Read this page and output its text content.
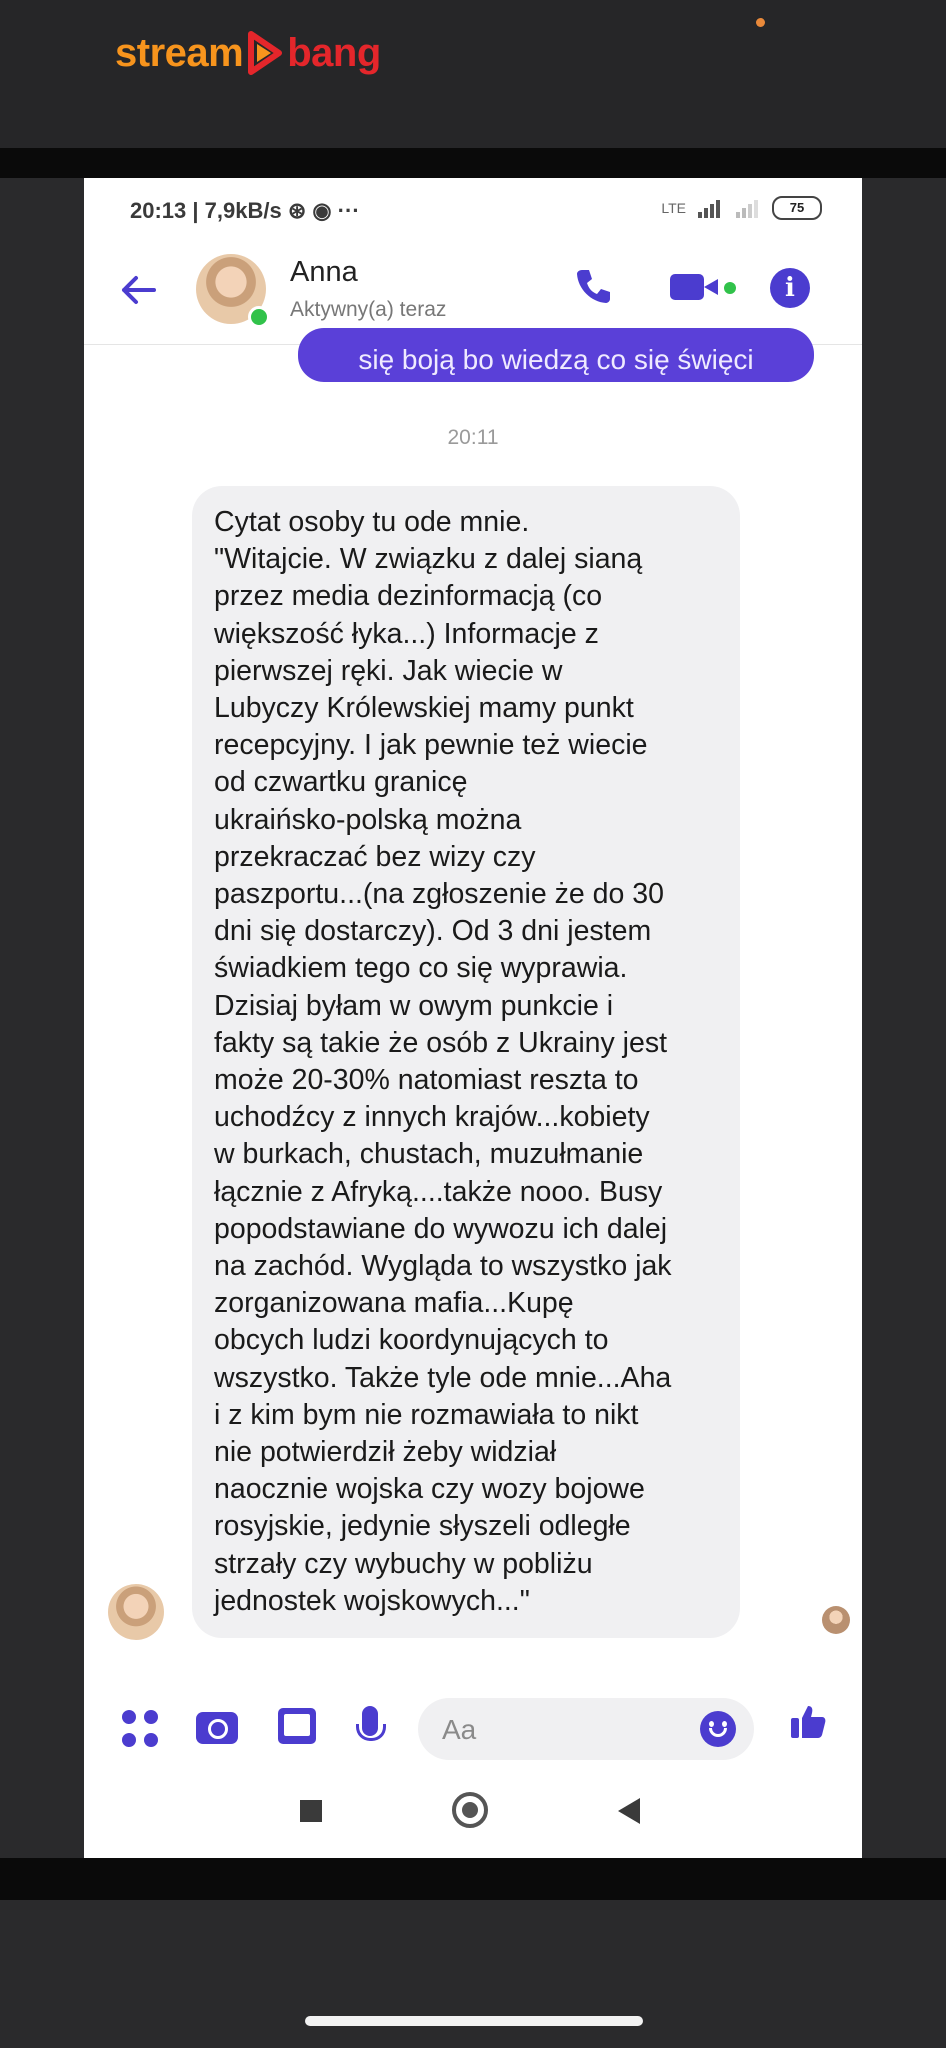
stream bang
20:13 | 7,9kB/s ⊛ ◉ ···	LTE	75
Anna
Aktywny(a) teraz
i
się boją bo wiedzą co się święci
20:11
Cytat osoby tu ode mnie.
"Witajcie. W związku z dalej sianą
przez media dezinformacją (co
większość łyka...) Informacje z
pierwszej ręki. Jak wiecie w
Lubyczy Królewskiej mamy punkt
recepcyjny. I jak pewnie też wiecie
od czwartku granicę
ukraińsko-polską można
przekraczać bez wizy czy
paszportu...(na zgłoszenie że do 30
dni się dostarczy). Od 3 dni jestem
świadkiem tego co się wyprawia.
Dzisiaj byłam w owym punkcie i
fakty są takie że osób z Ukrainy jest
może 20-30% natomiast reszta to
uchodźcy z innych krajów...kobiety
w burkach, chustach, muzułmanie
łącznie z Afryką....także nooo. Busy
popodstawiane do wywozu ich dalej
na zachód. Wygląda to wszystko jak
zorganizowana mafia...Kupę
obcych ludzi koordynujących to
wszystko. Także tyle ode mnie...Aha
i z kim bym nie rozmawiała to nikt
nie potwierdził żeby widział
naocznie wojska czy wozy bojowe
rosyjskie, jedynie słyszeli odległe
strzały czy wybuchy w pobliżu
jednostek wojskowych..."
Aa
